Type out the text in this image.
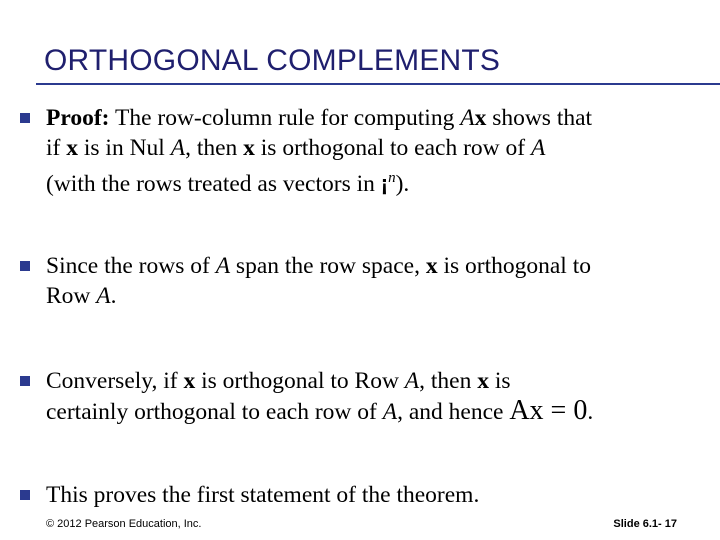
ORTHOGONAL COMPLEMENTS
Proof: The row-column rule for computing Ax shows that
if x is in Nul A, then x is orthogonal to each row of A
(with the rows treated as vectors in ¡$^n$).
Since the rows of A span the row space, x is orthogonal to
Row A.
Conversely, if x is orthogonal to Row A, then x is
certainly orthogonal to each row of A, and hence Ax = 0.
This proves the first statement of the theorem.
© 2012 Pearson Education, Inc.	Slide 6.1- 17
